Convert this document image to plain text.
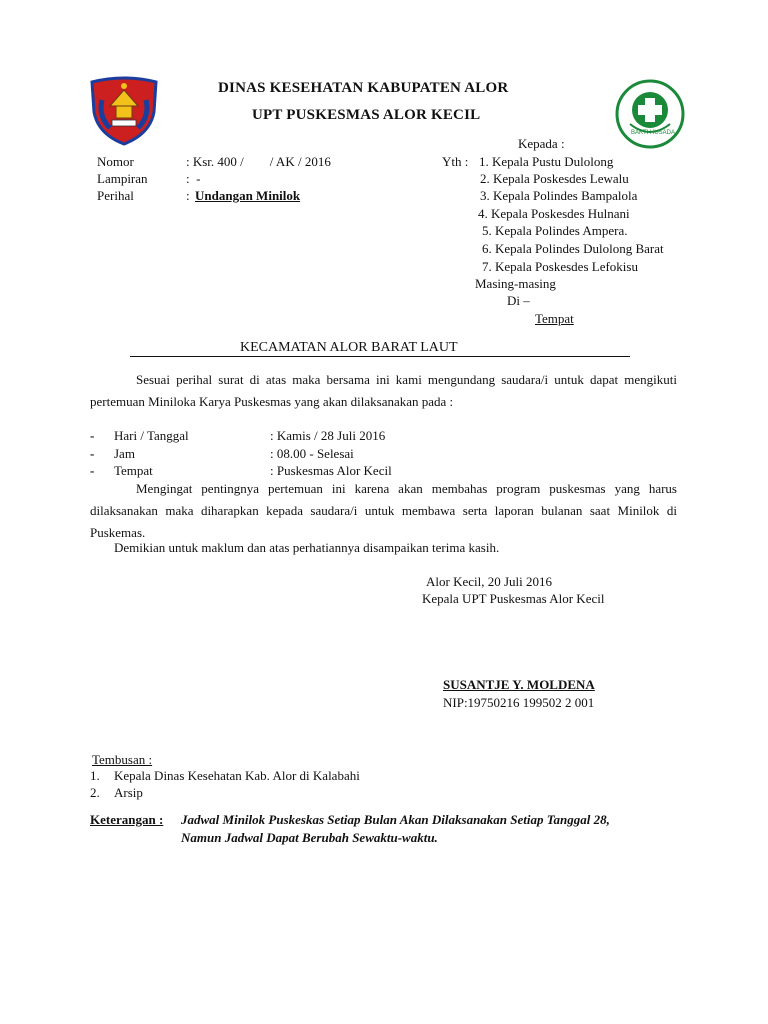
DINAS KESEHATAN KABUPATEN ALOR
UPT PUSKESMAS ALOR KECIL
BAKTI HUSADA
Nomor	: Ksr. 400 /        / AK / 2016
Lampiran	:  -
Perihal	: Undangan Minilok
Kepada :
Yth : 1. Kepala Pustu Dulolong
2. Kepala Poskesdes Lewalu
3. Kepala Polindes Bampalola
4. Kepala Poskesdes Hulnani
5. Kepala Polindes Ampera.
6. Kepala Polindes Dulolong Barat
7. Kepala Poskesdes Lefokisu
Masing-masing
Di –
Tempat
KECAMATAN ALOR BARAT LAUT
Sesuai perihal surat di atas maka bersama ini kami mengundang saudara/i untuk dapat mengikuti pertemuan Miniloka Karya Puskesmas yang akan dilaksanakan pada :
- Hari / Tanggal	: Kamis / 28 Juli 2016
- Jam	: 08.00 - Selesai
- Tempat	: Puskesmas Alor Kecil
Mengingat pentingnya pertemuan ini karena akan membahas program puskesmas yang harus dilaksanakan maka diharapkan kepada saudara/i untuk membawa serta laporan bulanan saat Minilok di Puskemas.
Demikian untuk maklum dan atas perhatiannya disampaikan terima kasih.
Alor Kecil, 20 Juli 2016
Kepala UPT Puskesmas Alor Kecil
SUSANTJE Y. MOLDENA
NIP:19750216 199502 2 001
Tembusan :
1. Kepala Dinas Kesehatan Kab. Alor di Kalabahi
2. Arsip
Keterangan : Jadwal Minilok Puskeskas Setiap Bulan Akan Dilaksanakan Setiap Tanggal 28,
Namun Jadwal Dapat Berubah Sewaktu-waktu.
